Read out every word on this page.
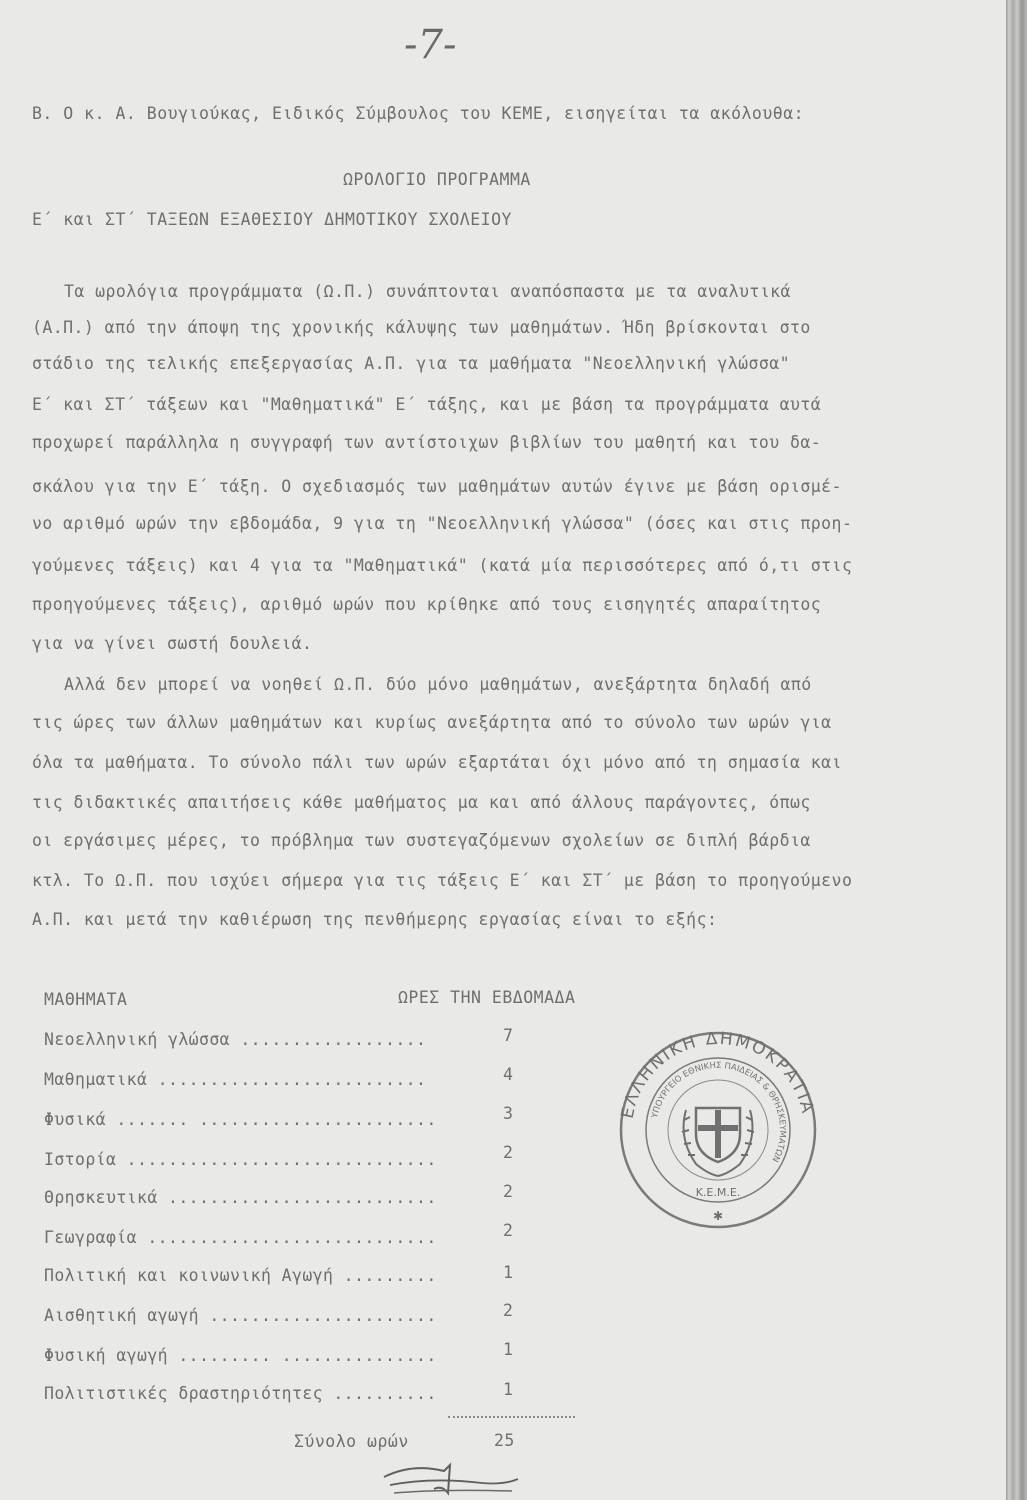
-7-
Β. Ο κ. Α. Βουγιούκας, Ειδικός Σύμβουλος του ΚΕΜΕ, εισηγείται τα ακόλουθα:
ΩΡΟΛΟΓΙΟ ΠΡΟΓΡΑΜΜΑ
Ε΄ και ΣΤ΄ ΤΑΞΕΩΝ ΕΞΑΘΕΣΙΟΥ ΔΗΜΟΤΙΚΟΥ ΣΧΟΛΕΙΟΥ
Τα ωρολόγια προγράμματα (Ω.Π.) συνάπτονται αναπόσπαστα με τα αναλυτικά
(Α.Π.) από την άποψη της χρονικής κάλυψης των μαθημάτων. Ήδη βρίσκονται στο
στάδιο της τελικής επεξεργασίας Α.Π. για τα μαθήματα "Νεοελληνική γλώσσα"
Ε΄ και ΣΤ΄ τάξεων και "Μαθηματικά" Ε΄ τάξης, και με βάση τα προγράμματα αυτά
προχωρεί παράλληλα η συγγραφή των αντίστοιχων βιβλίων του μαθητή και του δα-
σκάλου για την Ε΄ τάξη. Ο σχεδιασμός των μαθημάτων αυτών έγινε με βάση ορισμέ-
νο αριθμό ωρών την εβδομάδα, 9 για τη "Νεοελληνική γλώσσα" (όσες και στις προη-
γούμενες τάξεις) και 4 για τα "Μαθηματικά" (κατά μία περισσότερες από ό,τι στις
προηγούμενες τάξεις), αριθμό ωρών που κρίθηκε από τους εισηγητές απαραίτητος
για να γίνει σωστή δουλειά.
Αλλά δεν μπορεί να νοηθεί Ω.Π. δύο μόνο μαθημάτων, ανεξάρτητα δηλαδή από
τις ώρες των άλλων μαθημάτων και κυρίως ανεξάρτητα από το σύνολο των ωρών για
όλα τα μαθήματα. Το σύνολο πάλι των ωρών εξαρτάται όχι μόνο από τη σημασία και
τις διδακτικές απαιτήσεις κάθε μαθήματος μα και από άλλους παράγοντες, όπως
οι εργάσιμες μέρες, το πρόβλημα των συστεγαζόμενων σχολείων σε διπλή βάρδια
κτλ. Το Ω.Π. που ισχύει σήμερα για τις τάξεις Ε΄ και ΣΤ΄ με βάση το προηγούμενο
Α.Π. και μετά την καθιέρωση της πενθήμερης εργασίας είναι το εξής:
ΜΑΘΗΜΑΤΑ	ΩΡΕΣ ΤΗΝ ΕΒΔΟΜΑΔΑ
Νεοελληνική γλώσσα ..................	7
Μαθηματικά ..........................	4
Φυσικά ....... .......................	3
Ιστορία ..............................	2
Θρησκευτικά ..........................	2
Γεωγραφία ............................	2
Πολιτική και κοινωνική Αγωγή .........	1
Αισθητική αγωγή ......................	2
Φυσική αγωγή ......... ...............	1
Πολιτιστικές δραστηριότητες ..........	1
Σύνολο ωρών	25
ΕΛΛΗΝΙΚΗ ΔΗΜΟΚΡΑΤΙΑ
ΥΠΟΥΡΓΕΙΟ ΕΘΝΙΚΗΣ ΠΑΙΔΕΙΑΣ & ΘΡΗΣΚΕΥΜΑΤΩΝ
Κ.Ε.Μ.Ε.
✱
